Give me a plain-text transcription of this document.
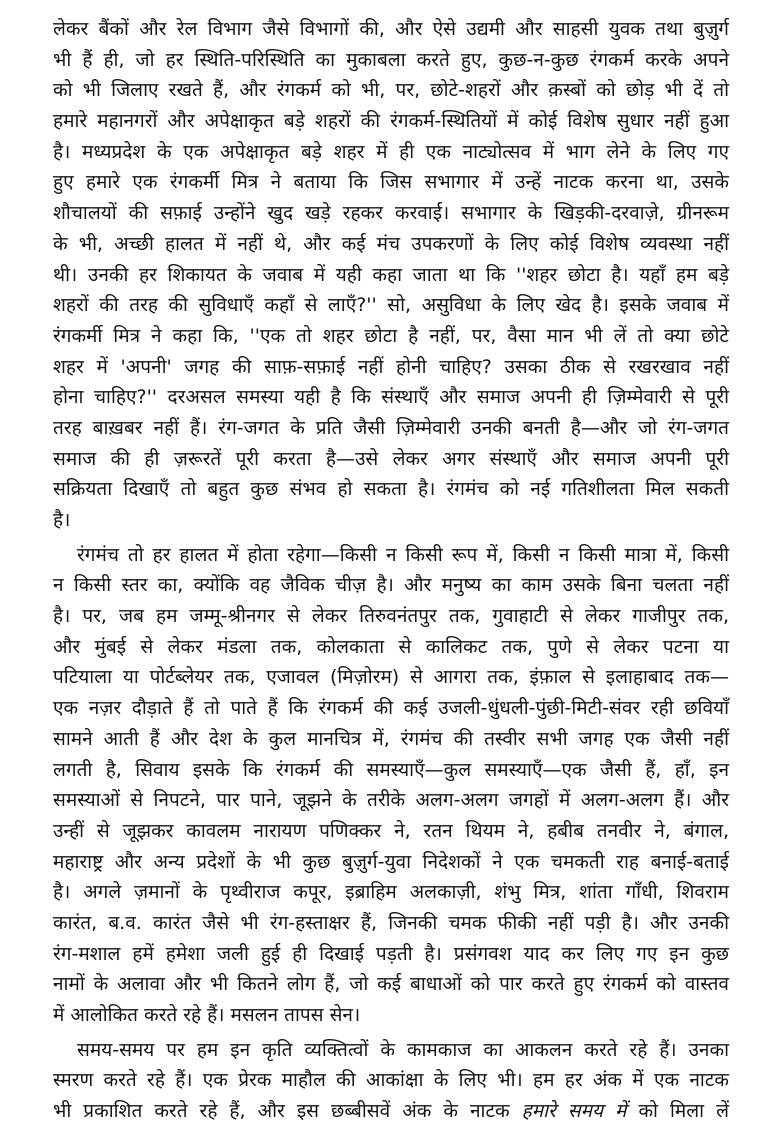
लेकर बैंकों और रेल विभाग जैसे विभागों की, और ऐसे उद्यमी और साहसी युवक तथा बुज़ुर्ग
भी हैं ही, जो हर स्थिति-परिस्थिति का मुकाबला करते हुए, कुछ-न-कुछ रंगकर्म करके अपने
को भी जिलाए रखते हैं, और रंगकर्म को भी, पर, छोटे-शहरों और क़स्बों को छोड़ भी दें तो
हमारे महानगरों और अपेक्षाकृत बड़े शहरों की रंगकर्म-स्थितियों में कोई विशेष सुधार नहीं हुआ
है। मध्यप्रदेश के एक अपेक्षाकृत बड़े शहर में ही एक नाट्योत्सव में भाग लेने के लिए गए
हुए हमारे एक रंगकर्मी मित्र ने बताया कि जिस सभागार में उन्हें नाटक करना था, उसके
शौचालयों की सफ़ाई उन्होंने खुद खड़े रहकर करवाई। सभागार के खिड़की-दरवाज़े, ग्रीनरूम
के भी, अच्छी हालत में नहीं थे, और कई मंच उपकरणों के लिए कोई विशेष व्यवस्था नहीं
थी। उनकी हर शिकायत के जवाब में यही कहा जाता था कि ''शहर छोटा है। यहाँ हम बड़े
शहरों की तरह की सुविधाएँ कहाँ से लाएँ?'' सो, असुविधा के लिए खेद है। इसके जवाब में
रंगकर्मी मित्र ने कहा कि, ''एक तो शहर छोटा है नहीं, पर, वैसा मान भी लें तो क्या छोटे
शहर में 'अपनी' जगह की साफ़-सफ़ाई नहीं होनी चाहिए? उसका ठीक से रखरखाव नहीं
होना चाहिए?'' दरअसल समस्या यही है कि संस्थाएँ और समाज अपनी ही ज़िम्मेवारी से पूरी
तरह बाख़बर नहीं हैं। रंग-जगत के प्रति जैसी ज़िम्मेवारी उनकी बनती है—और जो रंग-जगत
समाज की ही ज़रूरतें पूरी करता है—उसे लेकर अगर संस्थाएँ और समाज अपनी पूरी
सक्रियता दिखाएँ तो बहुत कुछ संभव हो सकता है। रंगमंच को नई गतिशीलता मिल सकती
है।
रंगमंच तो हर हालत में होता रहेगा—किसी न किसी रूप में, किसी न किसी मात्रा में, किसी
न किसी स्तर का, क्योंकि वह जैविक चीज़ है। और मनुष्य का काम उसके बिना चलता नहीं
है। पर, जब हम जम्मू-श्रीनगर से लेकर तिरुवनंतपुर तक, गुवाहाटी से लेकर गाजीपुर तक,
और मुंबई से लेकर मंडला तक, कोलकाता से कालिकट तक, पुणे से लेकर पटना या
पटियाला या पोर्टब्लेयर तक, एजावल (मिज़ोरम) से आगरा तक, इंफ़ाल से इलाहाबाद तक—
एक नज़र दौड़ाते हैं तो पाते हैं कि रंगकर्म की कई उजली-धुंधली-पुंछी-मिटी-संवर रही छवियाँ
सामने आती हैं और देश के कुल मानचित्र में, रंगमंच की तस्वीर सभी जगह एक जैसी नहीं
लगती है, सिवाय इसके कि रंगकर्म की समस्याएँ—कुल समस्याएँ—एक जैसी हैं, हाँ, इन
समस्याओं से निपटने, पार पाने, जूझने के तरीके अलग-अलग जगहों में अलग-अलग हैं। और
उन्हीं से जूझकर कावलम नारायण पणिक्कर ने, रतन थियम ने, हबीब तनवीर ने, बंगाल,
महाराष्ट्र और अन्य प्रदेशों के भी कुछ बुज़ुर्ग-युवा निदेशकों ने एक चमकती राह बनाई-बताई
है। अगले ज़मानों के पृथ्वीराज कपूर, इब्राहिम अलकाज़ी, शंभु मित्र, शांता गाँधी, शिवराम
कारंत, ब.व. कारंत जैसे भी रंग-हस्ताक्षर हैं, जिनकी चमक फीकी नहीं पड़ी है। और उनकी
रंग-मशाल हमें हमेशा जली हुई ही दिखाई पड़ती है। प्रसंगवश याद कर लिए गए इन कुछ
नामों के अलावा और भी कितने लोग हैं, जो कई बाधाओं को पार करते हुए रंगकर्म को वास्तव
में आलोकित करते रहे हैं। मसलन तापस सेन।
समय-समय पर हम इन कृति व्यक्तित्वों के कामकाज का आकलन करते रहे हैं। उनका
स्मरण करते रहे हैं। एक प्रेरक माहौल की आकांक्षा के लिए भी। हम हर अंक में एक नाटक
भी प्रकाशित करते रहे हैं, और इस छब्बीसवें अंक के नाटक हमारे समय में को मिला लें
